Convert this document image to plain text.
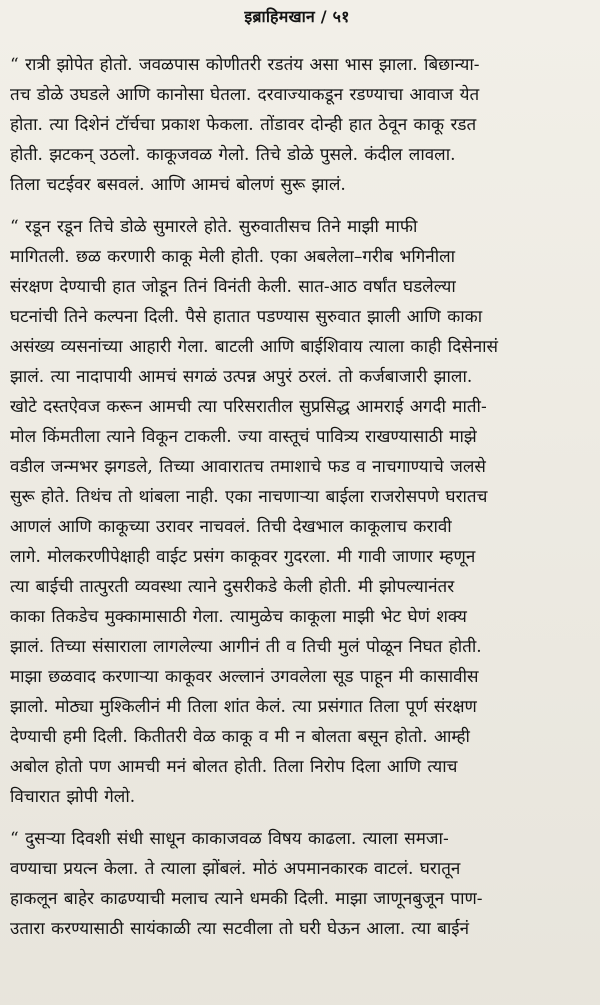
इब्राहिमखान / ५१
“ रात्री झोपेत होतो. जवळपास कोणीतरी रडतंय असा भास झाला. बिछान्या-
तच डोळे उघडले आणि कानोसा घेतला. दरवाज्याकडून रडण्याचा आवाज येत
होता. त्या दिशेनं टॉर्चचा प्रकाश फेकला. तोंडावर दोन्ही हात ठेवून काकू रडत
होती. झटकन् उठलो. काकूजवळ गेलो. तिचे डोळे पुसले. कंदील लावला.
तिला चटईवर बसवलं. आणि आमचं बोलणं सुरू झालं.
“ रडून रडून तिचे डोळे सुमारले होते. सुरुवातीसच तिने माझी माफी
मागितली. छळ करणारी काकू मेली होती. एका अबलेला–गरीब भगिनीला
संरक्षण देण्याची हात जोडून तिनं विनंती केली. सात-आठ वर्षांत घडलेल्या
घटनांची तिने कल्पना दिली. पैसे हातात पडण्यास सुरुवात झाली आणि काका
असंख्य व्यसनांच्या आहारी गेला. बाटली आणि बाईशिवाय त्याला काही दिसेनासं
झालं. त्या नादापायी आमचं सगळं उत्पन्न अपुरं ठरलं. तो कर्जबाजारी झाला.
खोटे दस्तऐवज करून आमची त्या परिसरातील सुप्रसिद्ध आमराई अगदी माती-
मोल किंमतीला त्याने विकून टाकली. ज्या वास्तूचं पावित्र्य राखण्यासाठी माझे
वडील जन्मभर झगडले, तिच्या आवारातच तमाशाचे फड व नाचगाण्याचे जलसे
सुरू होते. तिथंच तो थांबला नाही. एका नाचणाऱ्या बाईला राजरोसपणे घरातच
आणलं आणि काकूच्या उरावर नाचवलं. तिची देखभाल काकूलाच करावी
लागे. मोलकरणीपेक्षाही वाईट प्रसंग काकूवर गुदरला. मी गावी जाणार म्हणून
त्या बाईची तात्पुरती व्यवस्था त्याने दुसरीकडे केली होती. मी झोपल्यानंतर
काका तिकडेच मुक्कामासाठी गेला. त्यामुळेच काकूला माझी भेट घेणं शक्य
झालं. तिच्या संसाराला लागलेल्या आगीनं ती व तिची मुलं पोळून निघत होती.
माझा छळवाद करणाऱ्या काकूवर अल्लानं उगवलेला सूड पाहून मी कासावीस
झालो. मोठ्या मुश्किलीनं मी तिला शांत केलं. त्या प्रसंगात तिला पूर्ण संरक्षण
देण्याची हमी दिली. कितीतरी वेळ काकू व मी न बोलता बसून होतो. आम्ही
अबोल होतो पण आमची मनं बोलत होती. तिला निरोप दिला आणि त्याच
विचारात झोपी गेलो.
“ दुसऱ्या दिवशी संधी साधून काकाजवळ विषय काढला. त्याला समजा-
वण्याचा प्रयत्न केला. ते त्याला झोंबलं. मोठं अपमानकारक वाटलं. घरातून
हाकलून बाहेर काढण्याची मलाच त्याने धमकी दिली. माझा जाणूनबुजून पाण-
उतारा करण्यासाठी सायंकाळी त्या सटवीला तो घरी घेऊन आला. त्या बाईनं
